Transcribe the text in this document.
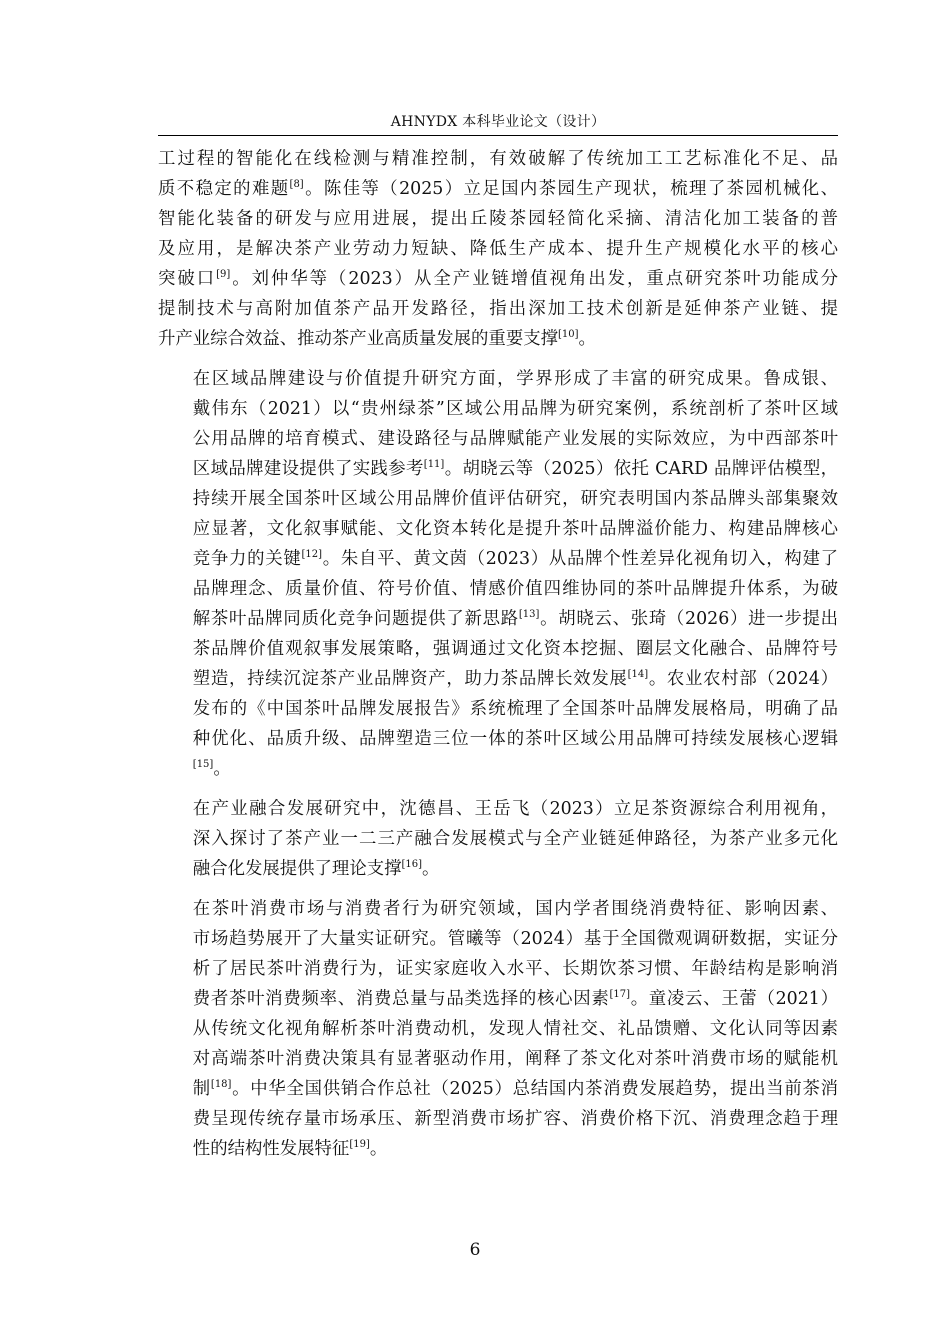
AHNYDX 本科毕业论文（设计）

工过程的智能化在线检测与精准控制，有效破解了传统加工工艺标准化不足、品
质不稳定的难题[8]。陈佳等（2025）立足国内茶园生产现状，梳理了茶园机械化、
智能化装备的研发与应用进展，提出丘陵茶园轻简化采摘、清洁化加工装备的普
及应用，是解决茶产业劳动力短缺、降低生产成本、提升生产规模化水平的核心
突破口[9]。刘仲华等（2023）从全产业链增值视角出发，重点研究茶叶功能成分
提制技术与高附加值茶产品开发路径，指出深加工技术创新是延伸茶产业链、提
升产业综合效益、推动茶产业高质量发展的重要支撑[10]。

在区域品牌建设与价值提升研究方面，学界形成了丰富的研究成果。鲁成银、
戴伟东（2021）以“贵州绿茶”区域公用品牌为研究案例，系统剖析了茶叶区域
公用品牌的培育模式、建设路径与品牌赋能产业发展的实际效应，为中西部茶叶
区域品牌建设提供了实践参考[11]。胡晓云等（2025）依托 CARD 品牌评估模型，
持续开展全国茶叶区域公用品牌价值评估研究，研究表明国内茶品牌头部集聚效
应显著，文化叙事赋能、文化资本转化是提升茶叶品牌溢价能力、构建品牌核心
竞争力的关键[12]。朱自平、黄文茵（2023）从品牌个性差异化视角切入，构建了
品牌理念、质量价值、符号价值、情感价值四维协同的茶叶品牌提升体系，为破
解茶叶品牌同质化竞争问题提供了新思路[13]。胡晓云、张琦（2026）进一步提出
茶品牌价值观叙事发展策略，强调通过文化资本挖掘、圈层文化融合、品牌符号
塑造，持续沉淀茶产业品牌资产，助力茶品牌长效发展[14]。农业农村部（2024）
发布的《中国茶叶品牌发展报告》系统梳理了全国茶叶品牌发展格局，明确了品
种优化、品质升级、品牌塑造三位一体的茶叶区域公用品牌可持续发展核心逻辑
[15]。

在产业融合发展研究中，沈德昌、王岳飞（2023）立足茶资源综合利用视角，
深入探讨了茶产业一二三产融合发展模式与全产业链延伸路径，为茶产业多元化
融合化发展提供了理论支撑[16]。

在茶叶消费市场与消费者行为研究领域，国内学者围绕消费特征、影响因素、
市场趋势展开了大量实证研究。管曦等（2024）基于全国微观调研数据，实证分
析了居民茶叶消费行为，证实家庭收入水平、长期饮茶习惯、年龄结构是影响消
费者茶叶消费频率、消费总量与品类选择的核心因素[17]。童凌云、王蕾（2021）
从传统文化视角解析茶叶消费动机，发现人情社交、礼品馈赠、文化认同等因素
对高端茶叶消费决策具有显著驱动作用，阐释了茶文化对茶叶消费市场的赋能机
制[18]。中华全国供销合作总社（2025）总结国内茶消费发展趋势，提出当前茶消
费呈现传统存量市场承压、新型消费市场扩容、消费价格下沉、消费理念趋于理
性的结构性发展特征[19]。

6
